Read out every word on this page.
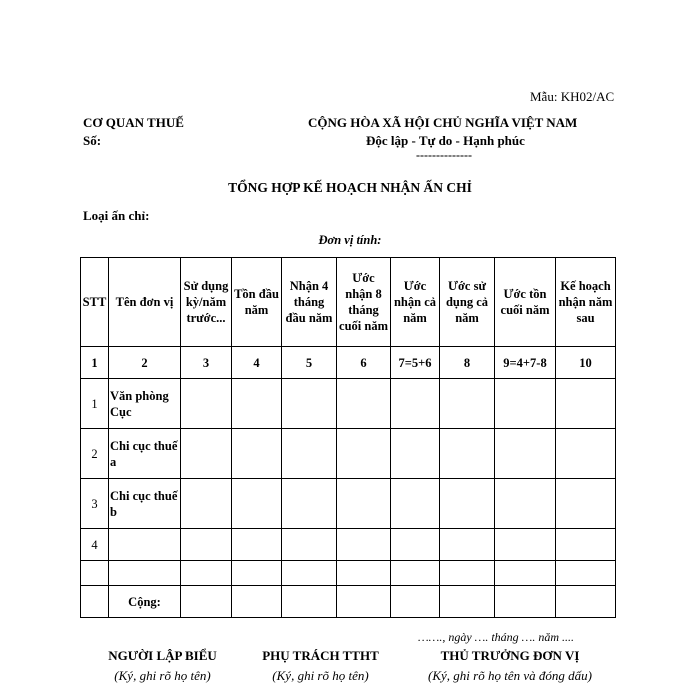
Mẫu: KH02/AC
CƠ QUAN THUẾ
Số:
CỘNG HÒA XÃ HỘI CHỦ NGHĨA VIỆT NAM
Độc lập - Tự do - Hạnh phúc
--------------
TỔNG HỢP KẾ HOẠCH NHẬN ẤN CHỈ
Loại ấn chỉ:
Đơn vị tính:
STT	Tên đơn vị	Sử dụng kỳ/năm trước...	Tồn đầu năm	Nhận 4 tháng đầu năm	Ước nhận 8 tháng cuối năm	Ước nhận cả năm	Ước sử dụng cả năm	Ước tồn cuối năm	Kế hoạch nhận năm sau
1	2	3	4	5	6	7=5+6	8	9=4+7-8	10
1	Văn phòng Cục								
2	Chi cục thuế a								
3	Chi cục thuế b								
4									

	Cộng:								
……., ngày …. tháng …. năm ....
NGƯỜI LẬP BIỂU
(Ký, ghi rõ họ tên)
PHỤ TRÁCH TTHT
(Ký, ghi rõ họ tên)
THỦ TRƯỞNG ĐƠN VỊ
(Ký, ghi rõ họ tên và đóng dấu)
